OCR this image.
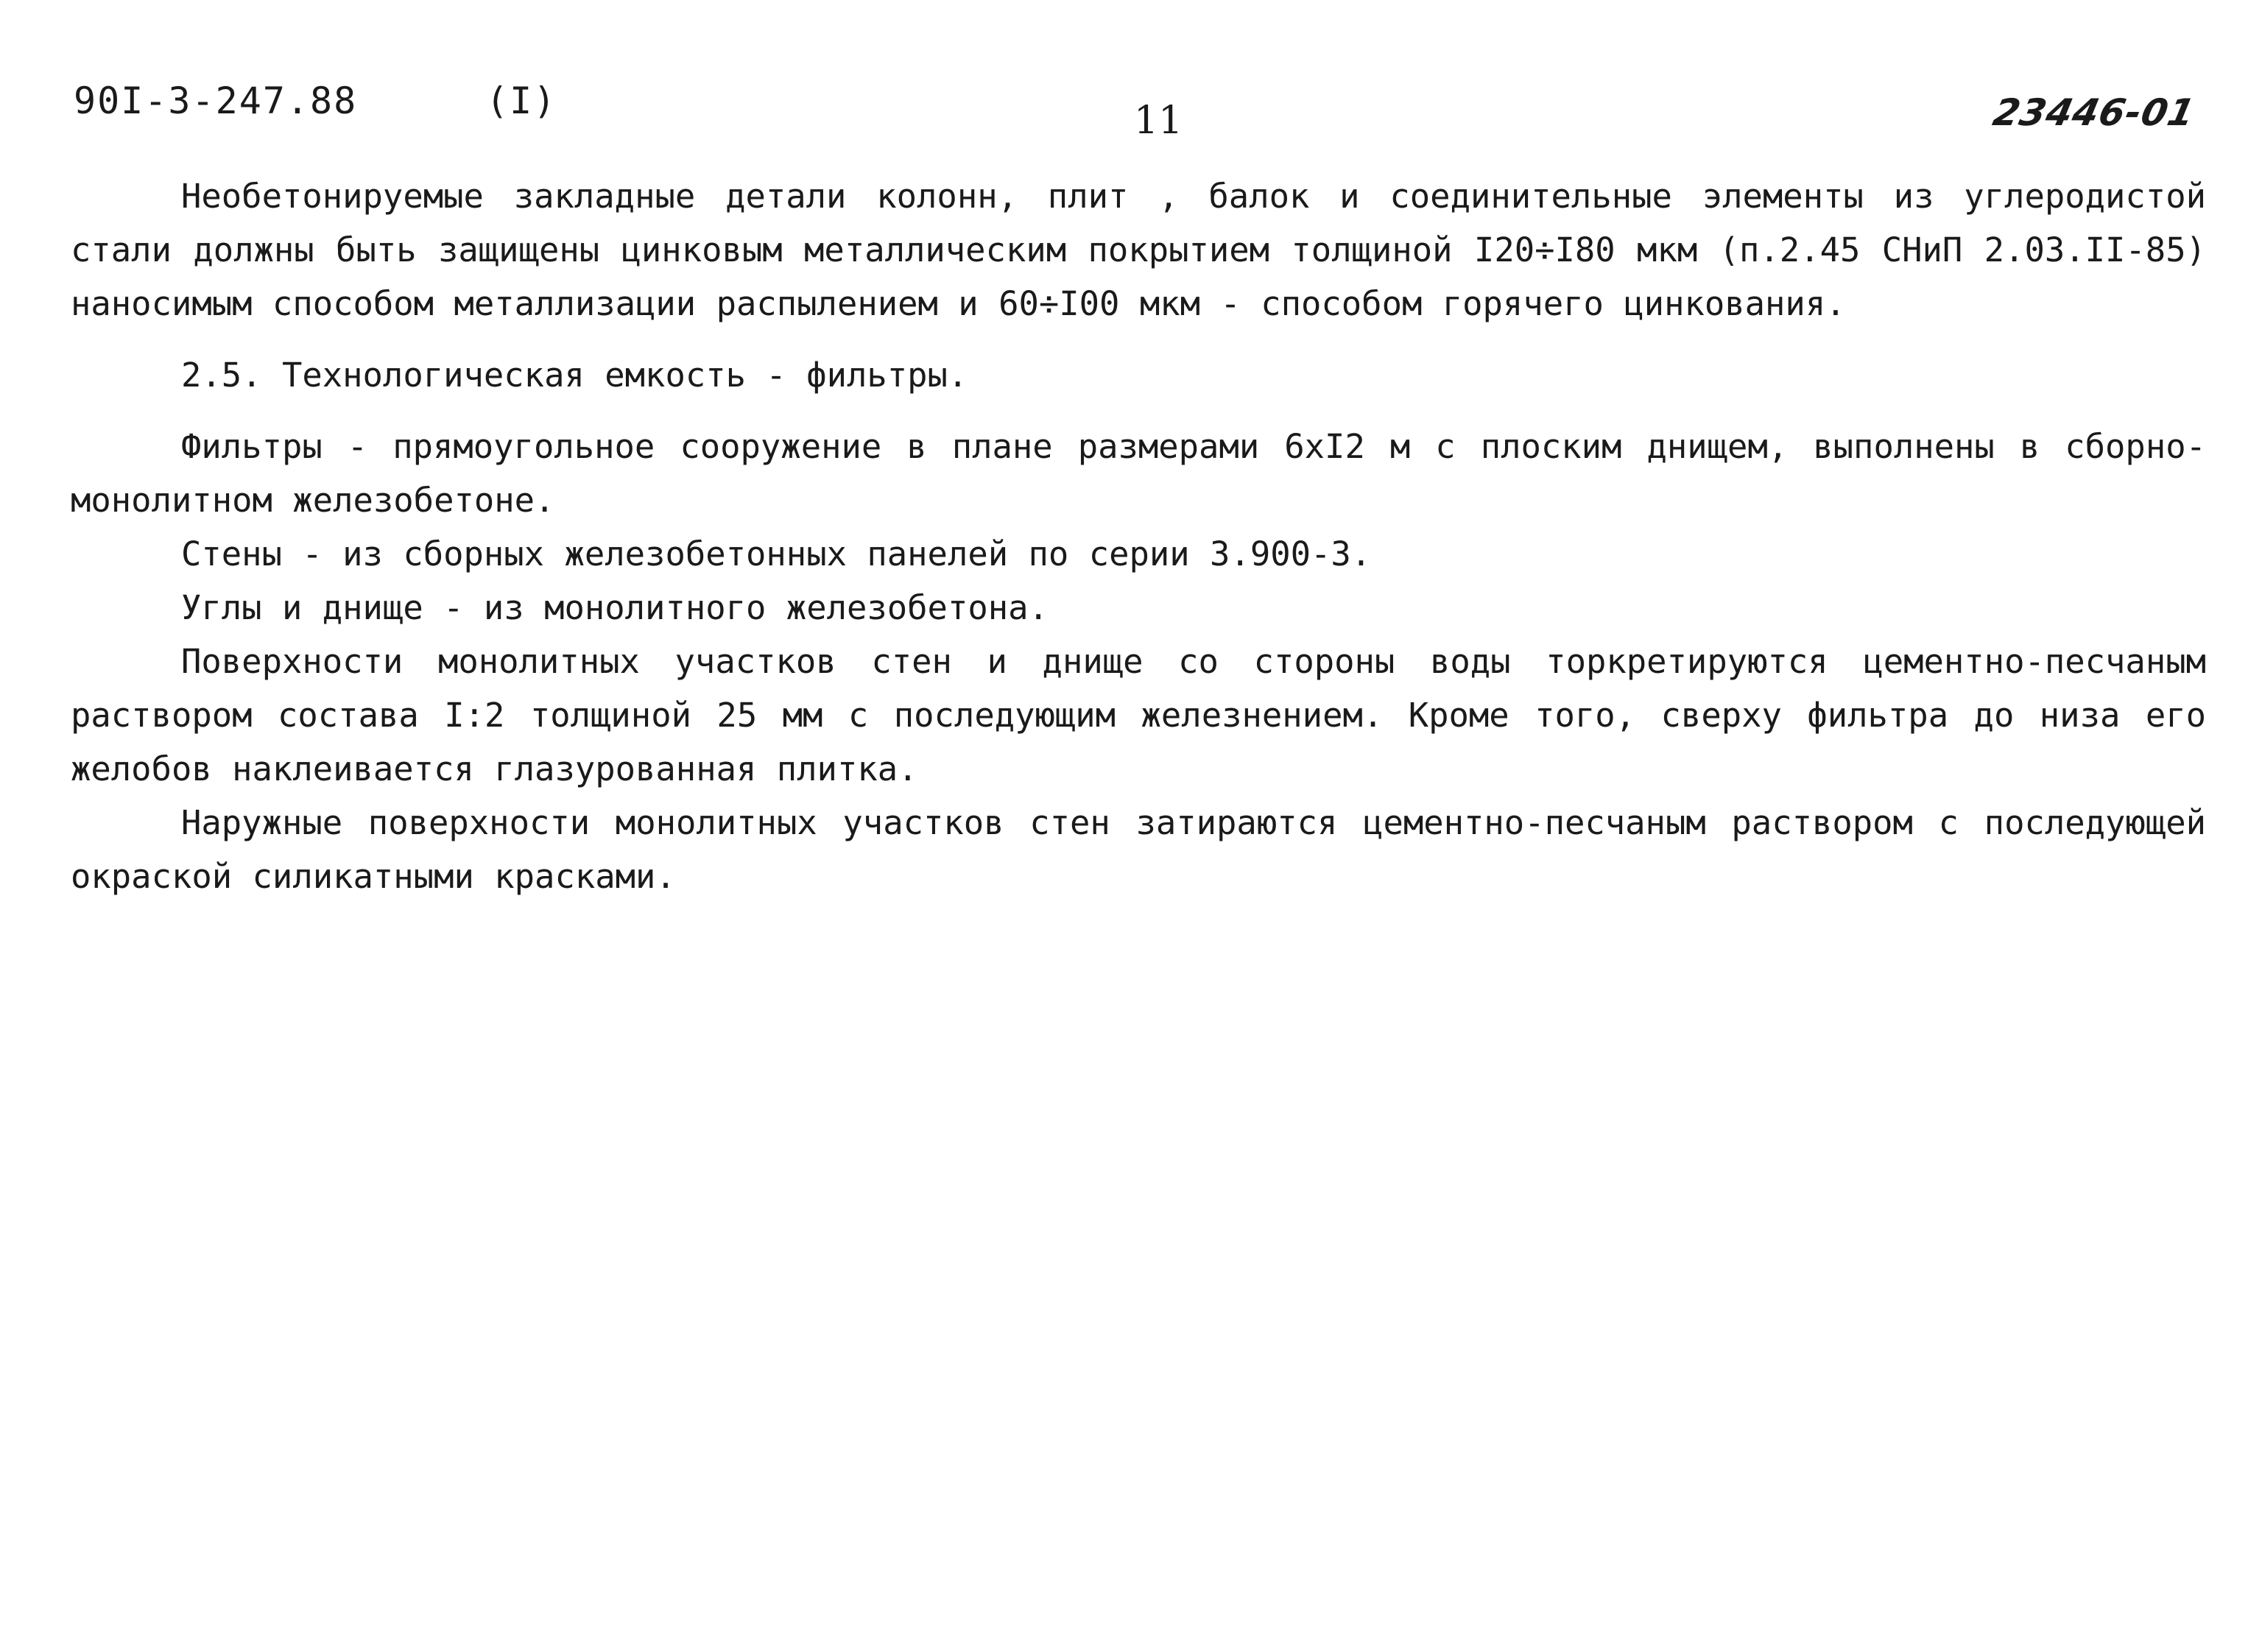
90I-3-247.88	(I)	11	23446-01

Необетонируемые закладные детали колонн, плит , балок и соединительные элементы из углеродистой стали должны быть защищены цинковым металлическим покрытием толщиной I20÷I80 мкм (п.2.45 СНиП 2.03.II-85) наносимым способом металлизации распылением и 60÷I00 мкм - способом горячего цинкования.

2.5. Технологическая емкость - фильтры.

Фильтры - прямоугольное сооружение в плане размерами 6хI2 м с плоским днищем, выполнены в сборно-монолитном железобетоне.

Стены - из сборных железобетонных панелей по серии 3.900-3.

Углы и днище - из монолитного железобетона.

Поверхности монолитных участков стен и днище со стороны воды торкретируются цементно-песчаным раствором состава I:2 толщиной 25 мм с последующим железнением. Кроме того, сверху фильтра до низа его желобов наклеивается глазурованная плитка.

Наружные поверхности монолитных участков стен затираются цементно-песчаным раствором с последующей окраской силикатными красками.
